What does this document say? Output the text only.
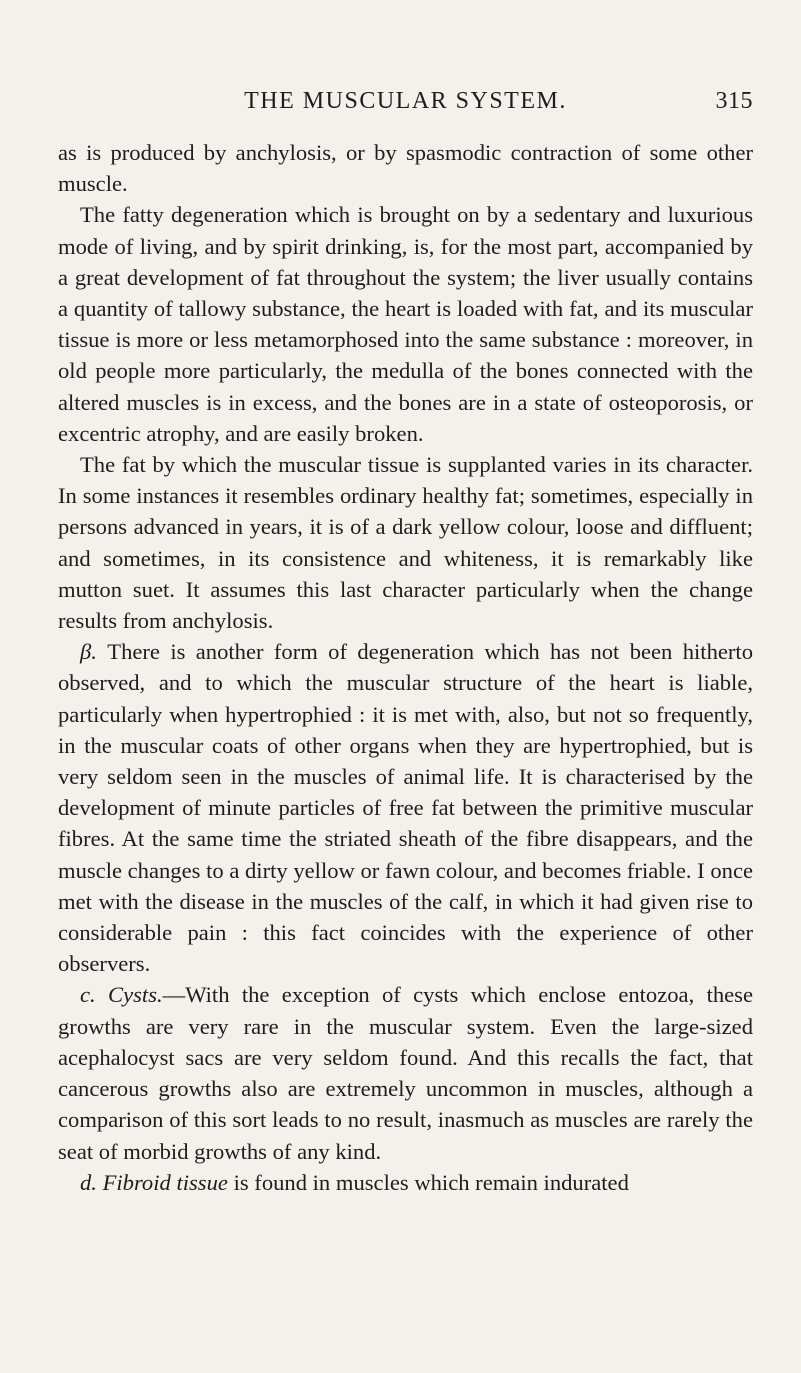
THE MUSCULAR SYSTEM.	315

as is produced by anchylosis, or by spasmodic contraction of some other muscle.

The fatty degeneration which is brought on by a sedentary and luxurious mode of living, and by spirit drinking, is, for the most part, accompanied by a great development of fat throughout the system; the liver usually contains a quantity of tallowy substance, the heart is loaded with fat, and its muscular tissue is more or less metamorphosed into the same substance : moreover, in old people more particularly, the medulla of the bones connected with the altered muscles is in excess, and the bones are in a state of osteoporosis, or excentric atrophy, and are easily broken.

The fat by which the muscular tissue is supplanted varies in its character. In some instances it resembles ordinary healthy fat; sometimes, especially in persons advanced in years, it is of a dark yellow colour, loose and diffluent; and sometimes, in its consistence and whiteness, it is remarkably like mutton suet. It assumes this last character particularly when the change results from anchylosis.

β. There is another form of degeneration which has not been hitherto observed, and to which the muscular structure of the heart is liable, particularly when hypertrophied : it is met with, also, but not so frequently, in the muscular coats of other organs when they are hypertrophied, but is very seldom seen in the muscles of animal life. It is characterised by the development of minute particles of free fat between the primitive muscular fibres. At the same time the striated sheath of the fibre disappears, and the muscle changes to a dirty yellow or fawn colour, and becomes friable. I once met with the disease in the muscles of the calf, in which it had given rise to considerable pain : this fact coincides with the experience of other observers.

c. Cysts.—With the exception of cysts which enclose entozoa, these growths are very rare in the muscular system. Even the large-sized acephalocyst sacs are very seldom found. And this recalls the fact, that cancerous growths also are extremely uncommon in muscles, although a comparison of this sort leads to no result, inasmuch as muscles are rarely the seat of morbid growths of any kind.

d. Fibroid tissue is found in muscles which remain indurated
